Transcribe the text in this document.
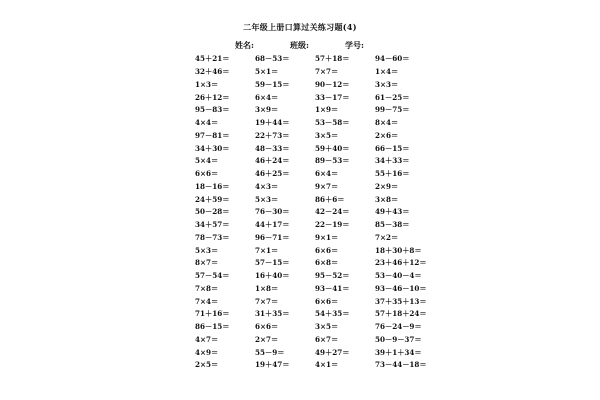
二年级上册口算过关练习题(4)
姓名:	班级:	学号:
45＋21＝	68－53＝	57＋18＝	94－60＝
32＋46＝	5×1＝	7×7＝	1×4＝
1×3＝	59－15＝	90－12＝	3×3＝
26＋12＝	6×4＝	33－17＝	61－25＝
95－83＝	3×9＝	1×9＝	99－75＝
4×4＝	19＋44＝	53－58＝	8×4＝
97－81＝	22＋73＝	3×5＝	2×6＝
34＋30＝	48－33＝	59＋40＝	66－15＝
5×4＝	46＋24＝	89－53＝	34＋33＝
6×6＝	46＋25＝	6×4＝	55＋16＝
18－16＝	4×3＝	9×7＝	2×9＝
24＋59＝	5×3＝	86＋6＝	3×8＝
50－28＝	76－30＝	42－24＝	49＋43＝
34＋57＝	44＋17＝	22－19＝	85－38＝
78－73＝	96－71＝	9×1＝	7×2＝
5×3＝	7×1＝	6×6＝	18＋30＋8＝
8×7＝	57－15＝	6×8＝	23＋46＋12＝
57－54＝	16＋40＝	95－52＝	53－40－4＝
7×8＝	1×8＝	93－41＝	93－46－10＝
7×4＝	7×7＝	6×6＝	37＋35＋13＝
71＋16＝	31＋35＝	54＋35＝	57＋18＋24＝
86－15＝	6×6＝	3×5＝	76－24－9＝
4×7＝	2×7＝	6×7＝	50－9－37＝
4×9＝	55－9＝	49＋27＝	39＋1＋34＝
2×5＝	19＋47＝	4×1＝	73－44－18＝
